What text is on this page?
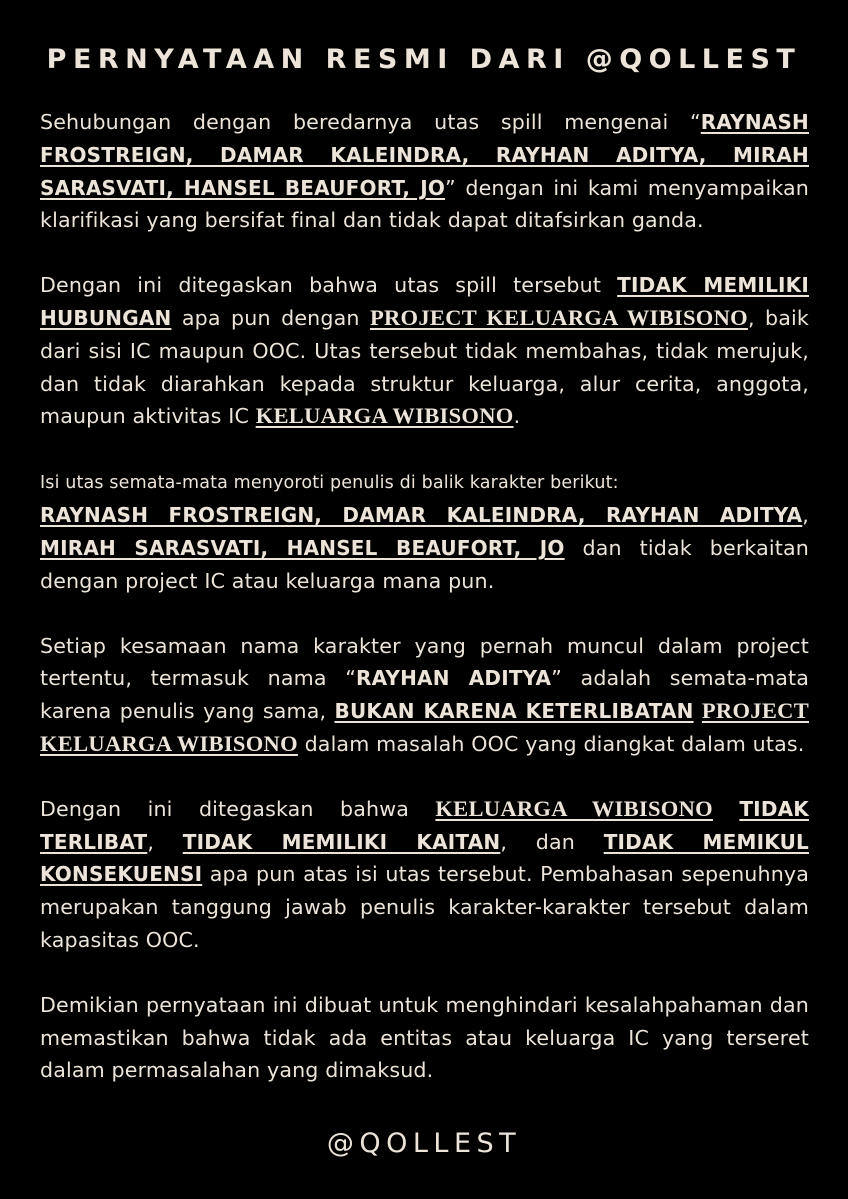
PERNYATAAN RESMI DARI @QOLLEST

Sehubungan dengan beredarnya utas spill mengenai “RAYNASH FROSTREIGN, DAMAR KALEINDRA, RAYHAN ADITYA, MIRAH SARASVATI, HANSEL BEAUFORT, JO” dengan ini kami menyampaikan klarifikasi yang bersifat final dan tidak dapat ditafsirkan ganda.

Dengan ini ditegaskan bahwa utas spill tersebut TIDAK MEMILIKI HUBUNGAN apa pun dengan PROJECT KELUARGA WIBISONO, baik dari sisi IC maupun OOC. Utas tersebut tidak membahas, tidak merujuk, dan tidak diarahkan kepada struktur keluarga, alur cerita, anggota, maupun aktivitas IC KELUARGA WIBISONO.

Isi utas semata-mata menyoroti penulis di balik karakter berikut:
RAYNASH FROSTREIGN, DAMAR KALEINDRA, RAYHAN ADITYA, MIRAH SARASVATI, HANSEL BEAUFORT, JO dan tidak berkaitan dengan project IC atau keluarga mana pun.

Setiap kesamaan nama karakter yang pernah muncul dalam project tertentu, termasuk nama “RAYHAN ADITYA” adalah semata-mata karena penulis yang sama, BUKAN KARENA KETERLIBATAN PROJECT KELUARGA WIBISONO dalam masalah OOC yang diangkat dalam utas.

Dengan ini ditegaskan bahwa KELUARGA WIBISONO TIDAK TERLIBAT, TIDAK MEMILIKI KAITAN, dan TIDAK MEMIKUL KONSEKUENSI apa pun atas isi utas tersebut. Pembahasan sepenuhnya merupakan tanggung jawab penulis karakter-karakter tersebut dalam kapasitas OOC.

Demikian pernyataan ini dibuat untuk menghindari kesalahpahaman dan memastikan bahwa tidak ada entitas atau keluarga IC yang terseret dalam permasalahan yang dimaksud.

@QOLLEST
